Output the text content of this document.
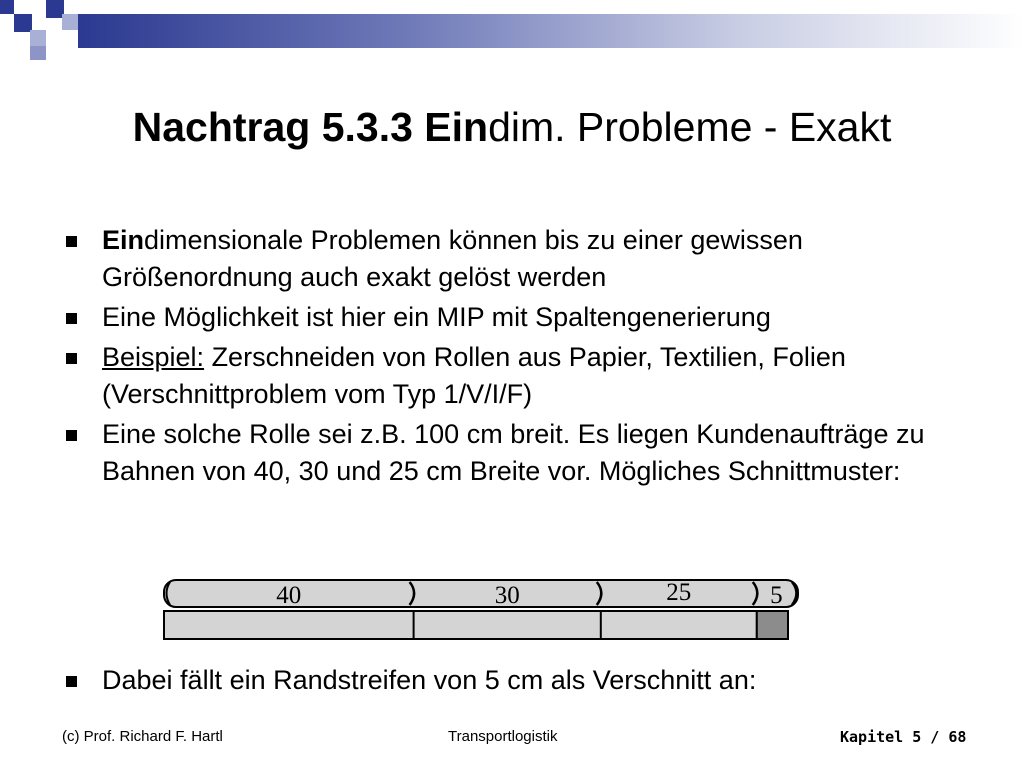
Nachtrag 5.3.3 Eindim. Probleme - Exakt
Eindimensionale Problemen können bis zu einer gewissen Größenordnung auch exakt gelöst werden
Eine Möglichkeit ist hier ein MIP mit Spaltengenerierung
Beispiel: Zerschneiden von Rollen aus Papier, Textilien, Folien (Verschnittproblem vom Typ 1/V/I/F)
Eine solche Rolle sei z.B. 100 cm breit. Es liegen Kundenaufträge zu Bahnen von 40, 30 und 25 cm Breite vor. Mögliches Schnittmuster:
40	30	25	5
Dabei fällt ein Randstreifen von 5 cm als Verschnitt an:
(c) Prof. Richard F. Hartl	Transportlogistik	Kapitel 5 / 68
